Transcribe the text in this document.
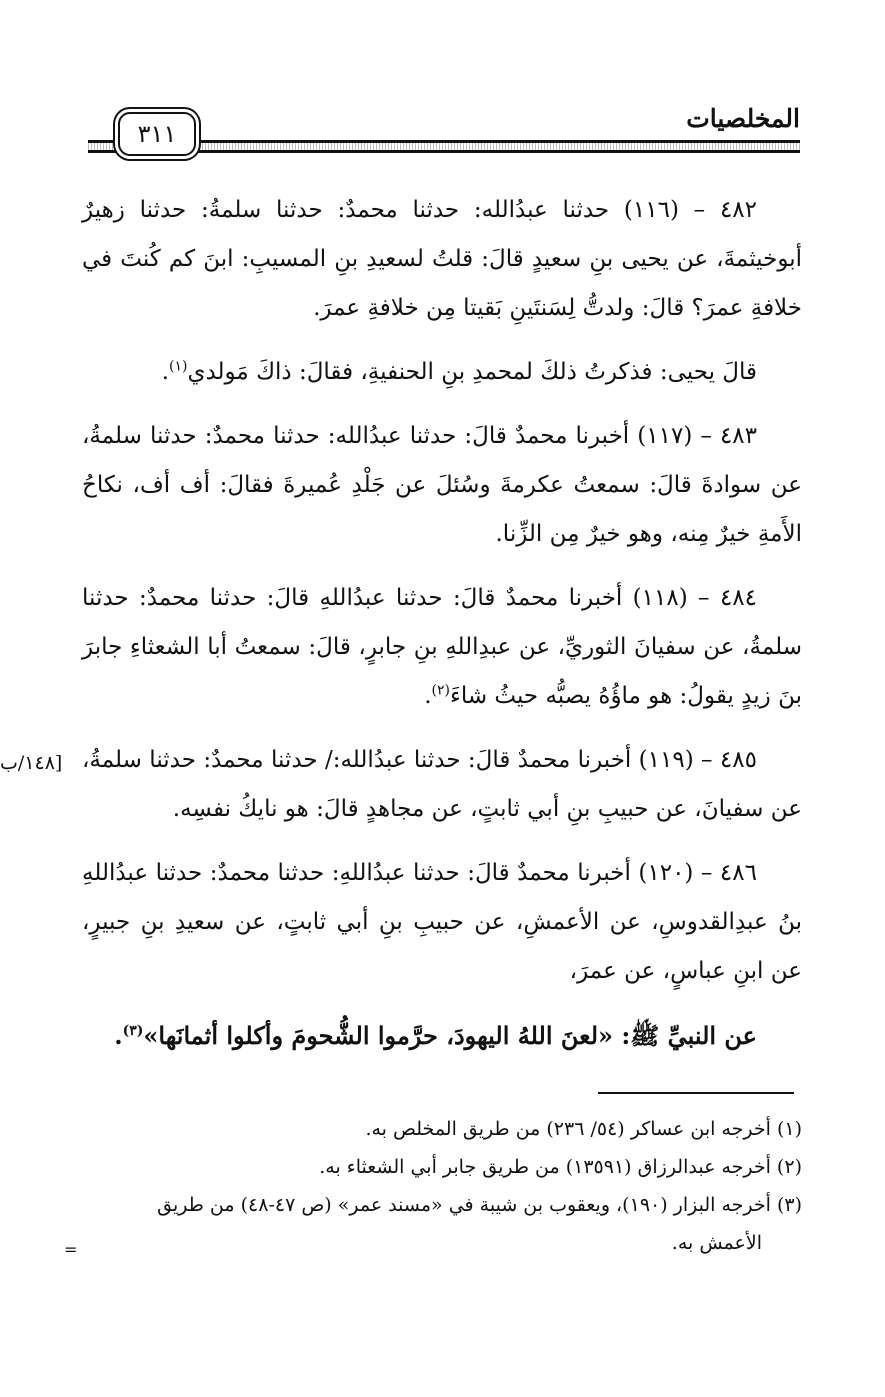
٣١١
المخلصيات
[١٤٨/ب

٤٨٢ – (١١٦) حدثنا عبدُالله: حدثنا محمدٌ: حدثنا سلمةُ: حدثنا زهيرٌ أبوخيثمةَ، عن يحيى بنِ سعيدٍ قالَ: قلتُ لسعيدِ بنِ المسيبِ: ابنَ كم كُنتَ في خلافةِ عمرَ؟ قالَ: ولدتُّ لِسَنتَينِ بَقيتا مِن خلافةِ عمرَ.

قالَ يحيى: فذكرتُ ذلكَ لمحمدِ بنِ الحنفيةِ، فقالَ: ذاكَ مَولدي$^{(١)}$.

٤٨٣ – (١١٧) أخبرنا محمدٌ قالَ: حدثنا عبدُالله: حدثنا محمدٌ: حدثنا سلمةُ، عن سوادةَ قالَ: سمعتُ عكرمةَ وسُئلَ عن جَلْدِ عُميرةَ فقالَ: أف أف، نكاحُ الأَمةِ خيرٌ مِنه، وهو خيرٌ مِن الزِّنا.

٤٨٤ – (١١٨) أخبرنا محمدٌ قالَ: حدثنا عبدُاللهِ قالَ: حدثنا محمدٌ: حدثنا سلمةُ، عن سفيانَ الثوريِّ، عن عبدِاللهِ بنِ جابرٍ، قالَ: سمعتُ أبا الشعثاءِ جابرَ بنَ زيدٍ يقولُ: هو ماؤُهُ يصبُّه حيثُ شاءَ$^{(٢)}$.

٤٨٥ – (١١٩) أخبرنا محمدٌ قالَ: حدثنا عبدُالله:/ حدثنا محمدٌ: حدثنا سلمةُ، عن سفيانَ، عن حبيبِ بنِ أبي ثابتٍ، عن مجاهدٍ قالَ: هو نايكُ نفسِه.

٤٨٦ – (١٢٠) أخبرنا محمدٌ قالَ: حدثنا عبدُاللهِ: حدثنا محمدٌ: حدثنا عبدُاللهِ بنُ عبدِالقدوسِ، عن الأعمشِ، عن حبيبِ بنِ أبي ثابتٍ، عن سعيدِ بنِ جبيرٍ، عن ابنِ عباسٍ، عن عمرَ،

عن النبيِّ ﷺ: «لعنَ اللهُ اليهودَ، حرَّموا الشُّحومَ وأكلوا أثمانَها»$^{(٣)}$.

(١) أخرجه ابن عساكر (٥٤/ ٢٣٦) من طريق المخلص به.
(٢) أخرجه عبدالرزاق (١٣٥٩١) من طريق جابر أبي الشعثاء به.
(٣) أخرجه البزار (١٩٠)، ويعقوب بن شيبة في «مسند عمر» (ص ٤٧-٤٨) من طريق
الأعمش به.
=
